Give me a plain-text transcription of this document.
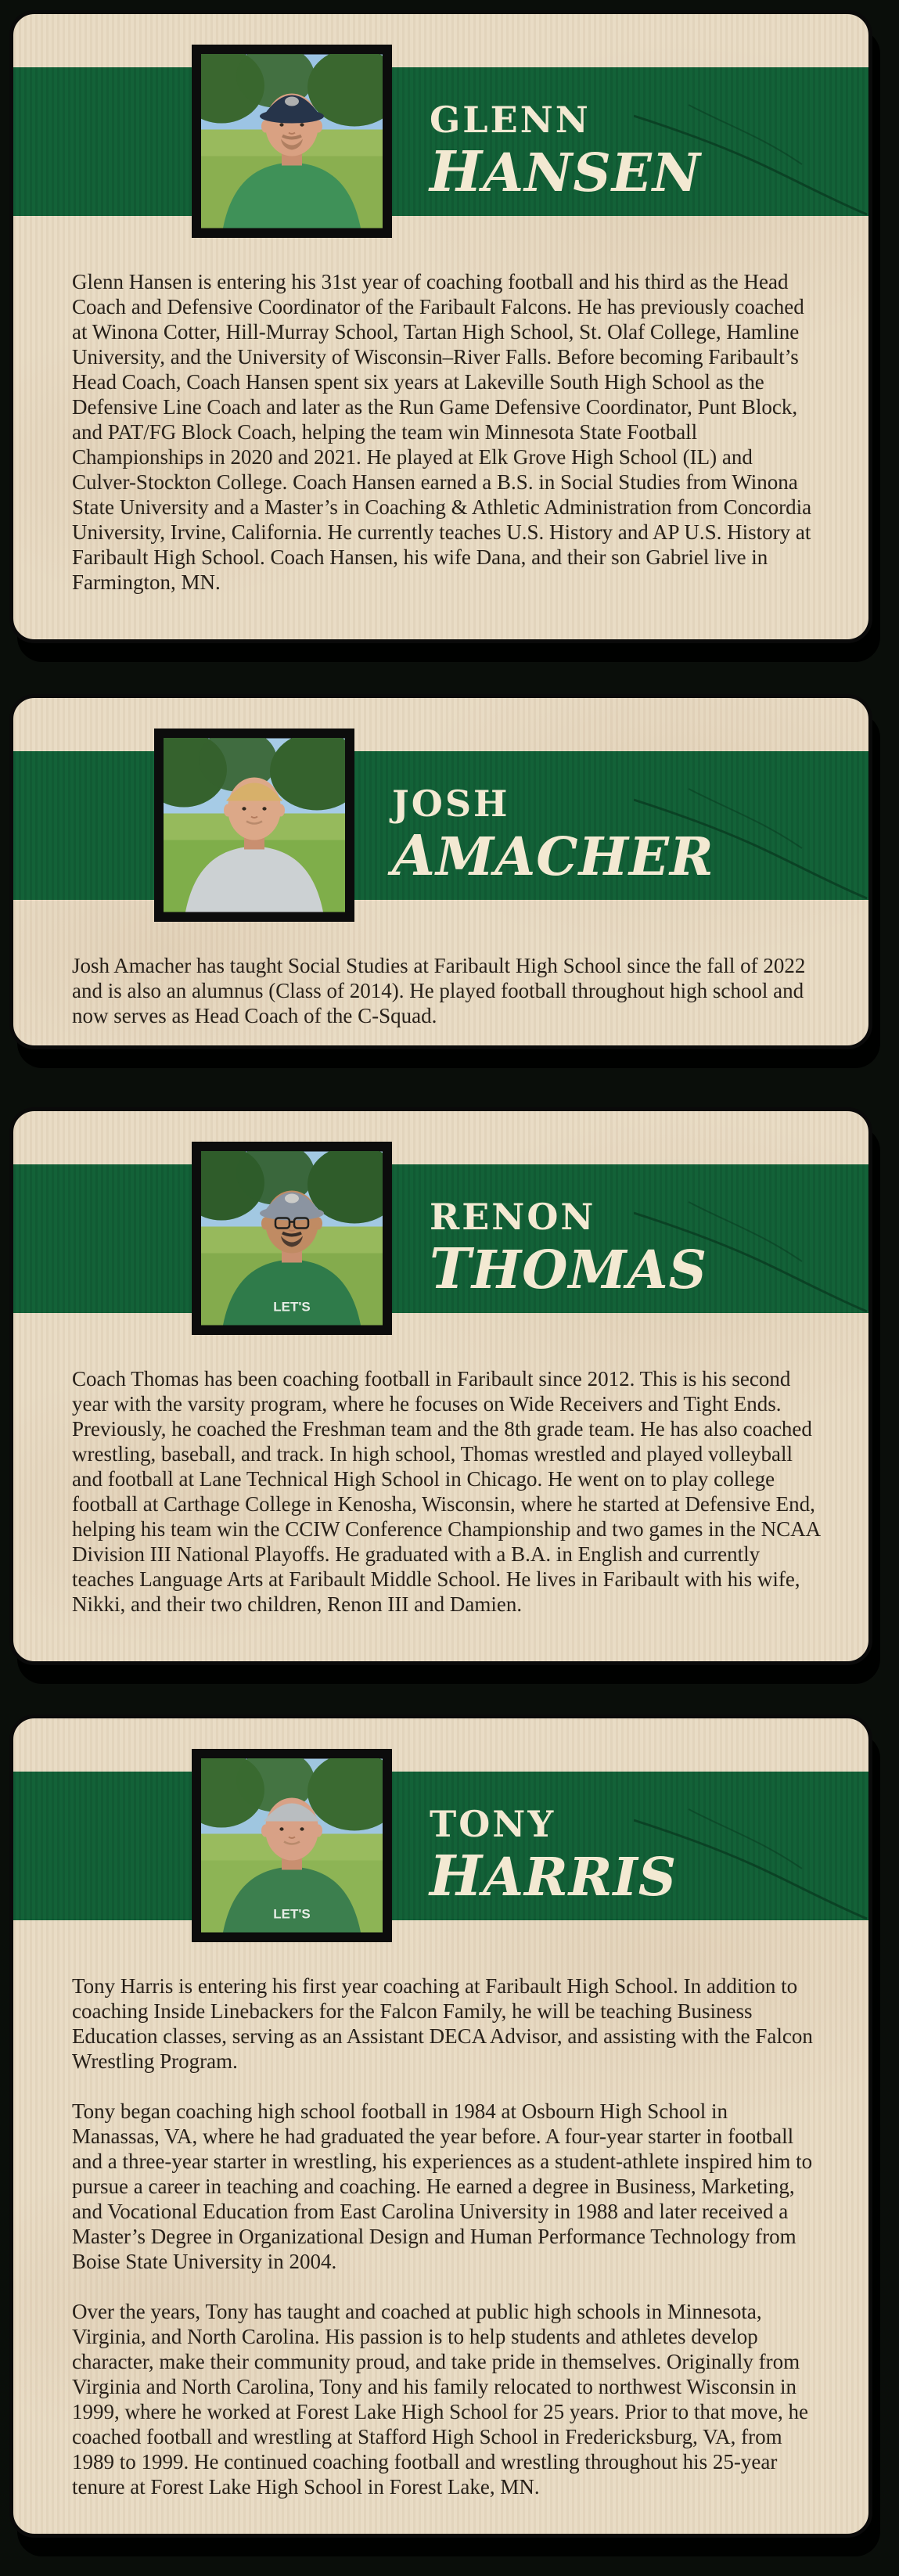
GLENN
HANSEN

Glenn Hansen is entering his 31st year of coaching football and his third as the Head Coach and Defensive Coordinator of the Faribault Falcons. He has previously coached at Winona Cotter, Hill-Murray School, Tartan High School, St. Olaf College, Hamline University, and the University of Wisconsin–River Falls. Before becoming Faribault’s Head Coach, Coach Hansen spent six years at Lakeville South High School as the Defensive Line Coach and later as the Run Game Defensive Coordinator, Punt Block, and PAT/FG Block Coach, helping the team win Minnesota State Football Championships in 2020 and 2021. He played at Elk Grove High School (IL) and Culver-Stockton College. Coach Hansen earned a B.S. in Social Studies from Winona State University and a Master’s in Coaching & Athletic Administration from Concordia University, Irvine, California. He currently teaches U.S. History and AP U.S. History at Faribault High School. Coach Hansen, his wife Dana, and their son Gabriel live in Farmington, MN.

JOSH
AMACHER

Josh Amacher has taught Social Studies at Faribault High School since the fall of 2022 and is also an alumnus (Class of 2014). He played football throughout high school and now serves as Head Coach of the C-Squad.

LET'S
RENON
THOMAS

Coach Thomas has been coaching football in Faribault since 2012. This is his second year with the varsity program, where he focuses on Wide Receivers and Tight Ends. Previously, he coached the Freshman team and the 8th grade team. He has also coached wrestling, baseball, and track. In high school, Thomas wrestled and played volleyball and football at Lane Technical High School in Chicago. He went on to play college football at Carthage College in Kenosha, Wisconsin, where he started at Defensive End, helping his team win the CCIW Conference Championship and two games in the NCAA Division III National Playoffs. He graduated with a B.A. in English and currently teaches Language Arts at Faribault Middle School. He lives in Faribault with his wife, Nikki, and their two children, Renon III and Damien.

LET'S
TONY
HARRIS

Tony Harris is entering his first year coaching at Faribault High School. In addition to coaching Inside Linebackers for the Falcon Family, he will be teaching Business Education classes, serving as an Assistant DECA Advisor, and assisting with the Falcon Wrestling Program.

Tony began coaching high school football in 1984 at Osbourn High School in Manassas, VA, where he had graduated the year before. A four-year starter in football and a three-year starter in wrestling, his experiences as a student-athlete inspired him to pursue a career in teaching and coaching. He earned a degree in Business, Marketing, and Vocational Education from East Carolina University in 1988 and later received a Master’s Degree in Organizational Design and Human Performance Technology from Boise State University in 2004.

Over the years, Tony has taught and coached at public high schools in Minnesota, Virginia, and North Carolina. His passion is to help students and athletes develop character, make their community proud, and take pride in themselves. Originally from Virginia and North Carolina, Tony and his family relocated to northwest Wisconsin in 1999, where he worked at Forest Lake High School for 25 years. Prior to that move, he coached football and wrestling at Stafford High School in Fredericksburg, VA, from 1989 to 1999. He continued coaching football and wrestling throughout his 25-year tenure at Forest Lake High School in Forest Lake, MN.
